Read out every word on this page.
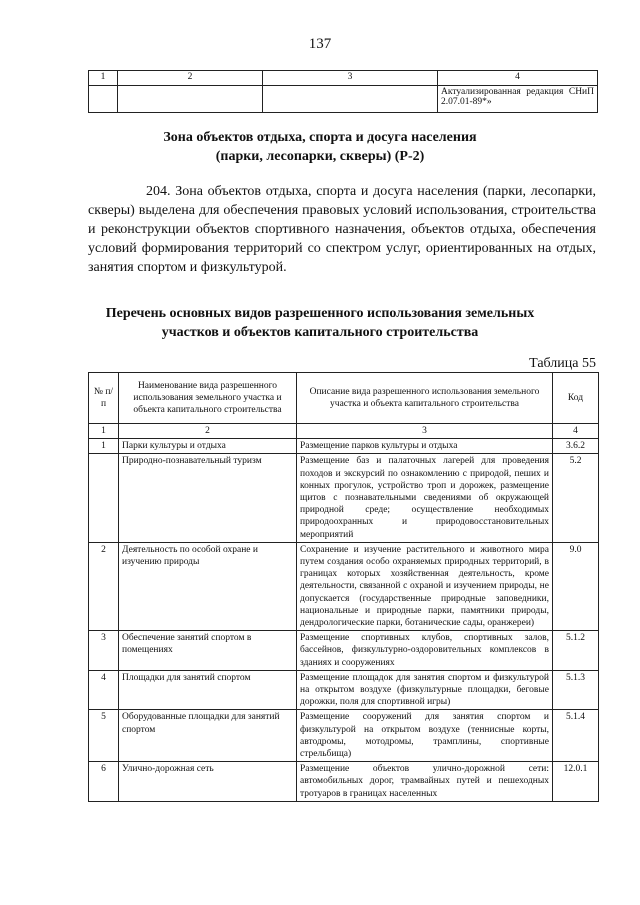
137
1	2	3	4
			Актуализированная редакция СНиП 2.07.01-89*»
Зона объектов отдыха, спорта и досуга населения
(парки, лесопарки, скверы) (Р-2)
204. Зона объектов отдыха, спорта и досуга населения (парки, лесопарки, скверы) выделена для обеспечения правовых условий использования, строительства и реконструкции объектов спортивного назначения, объектов отдыха, обеспечения условий формирования территорий со спектром услуг, ориентированных на отдых, занятия спортом и физкультурой.
Перечень основных видов разрешенного использования земельных
участков и объектов капитального строительства
Таблица 55
№ п/п	Наименование вида разрешенного использования земельного участка и объекта капитального строительства	Описание вида разрешенного использования земельного участка и объекта капитального строительства	Код
1	2	3	4
1	Парки культуры и отдыха	Размещение парков культуры и отдыха	3.6.2
	Природно-познавательный туризм	Размещение баз и палаточных лагерей для проведения походов и экскурсий по ознакомлению с природой, пеших и конных прогулок, устройство троп и дорожек, размещение щитов с познавательными сведениями об окружающей природной среде; осуществление необходимых природоохранных и природовосстановительных мероприятий	5.2
2	Деятельность по особой охране и изучению природы	Сохранение и изучение растительного и животного мира путем создания особо охраняемых природных территорий, в границах которых хозяйственная деятельность, кроме деятельности, связанной с охраной и изучением природы, не допускается (государственные природные заповедники, национальные и природные парки, памятники природы, дендрологические парки, ботанические сады, оранжереи)	9.0
3	Обеспечение занятий спортом в помещениях	Размещение спортивных клубов, спортивных залов, бассейнов, физкультурно-оздоровительных комплексов в зданиях и сооружениях	5.1.2
4	Площадки для занятий спортом	Размещение площадок для занятия спортом и физкультурой на открытом воздухе (физкультурные площадки, беговые дорожки, поля для спортивной игры)	5.1.3
5	Оборудованные площадки для занятий спортом	Размещение сооружений для занятия спортом и физкультурой на открытом воздухе (теннисные корты, автодромы, мотодромы, трамплины, спортивные стрельбища)	5.1.4
6	Улично-дорожная сеть	Размещение объектов улично-дорожной сети: автомобильных дорог, трамвайных путей и пешеходных тротуаров в границах населенных	12.0.1
